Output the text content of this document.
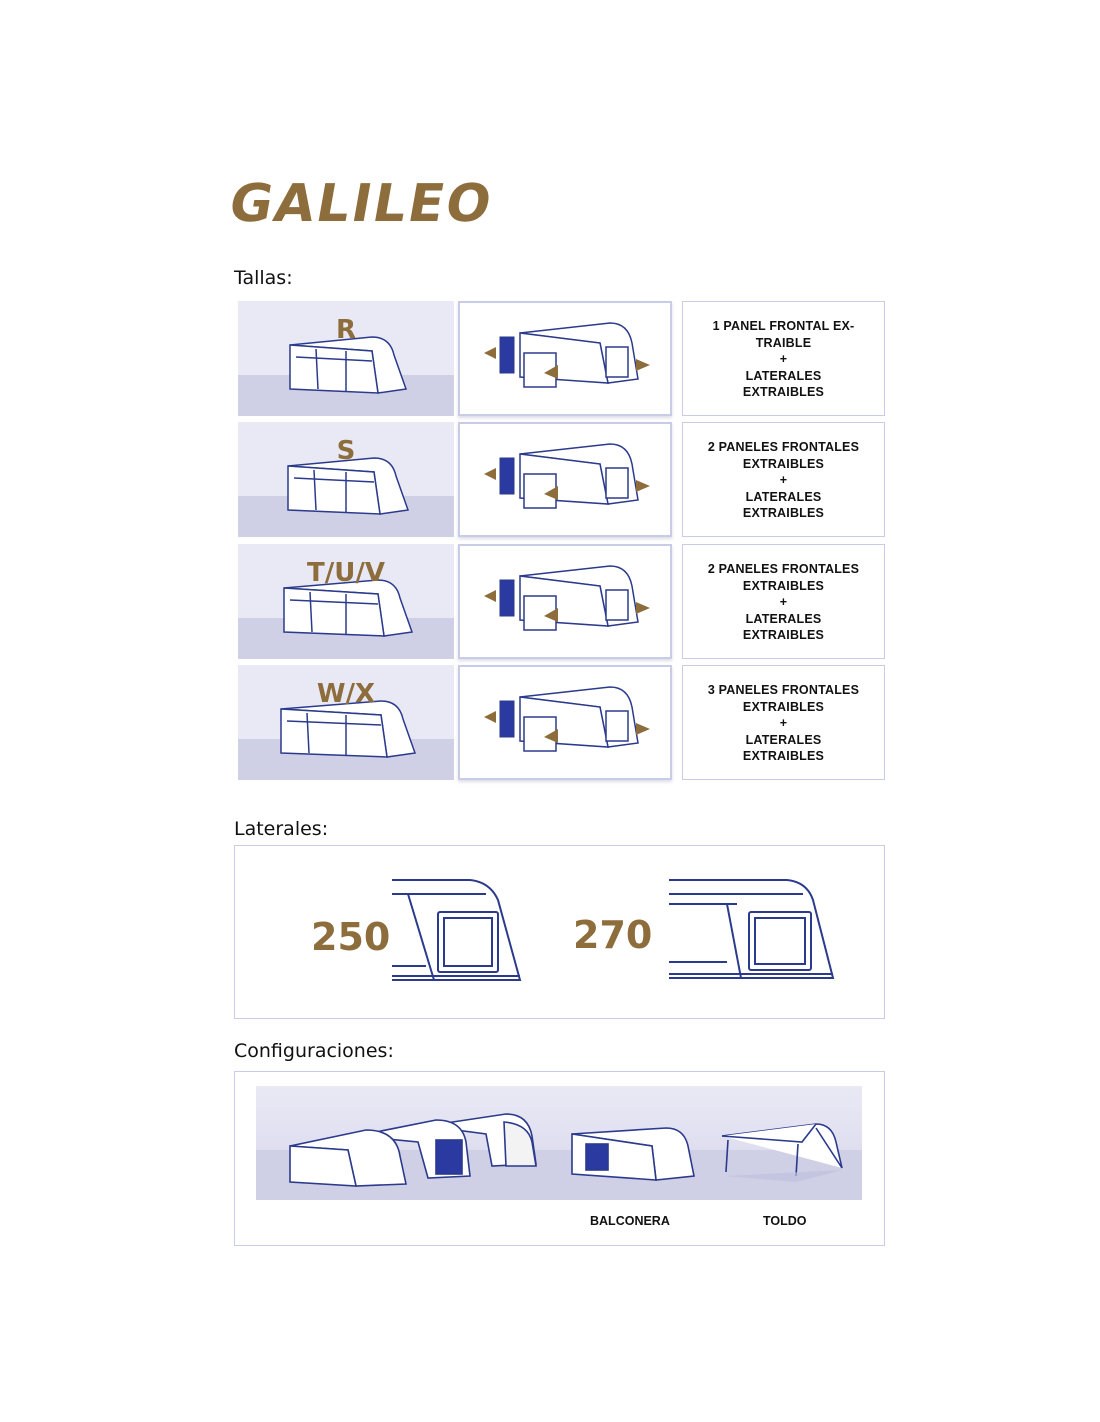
GALILEO
Tallas:
R	1 PANEL FRONTAL EX-
TRAIBLE
+
LATERALES
EXTRAIBLES
S	2 PANELES FRONTALES
EXTRAIBLES
+
LATERALES
EXTRAIBLES
T/U/V	2 PANELES FRONTALES
EXTRAIBLES
+
LATERALES
EXTRAIBLES
W/X	3 PANELES FRONTALES
EXTRAIBLES
+
LATERALES
EXTRAIBLES
Laterales:
250	270
Configuraciones:
BALCONERA	TOLDO
